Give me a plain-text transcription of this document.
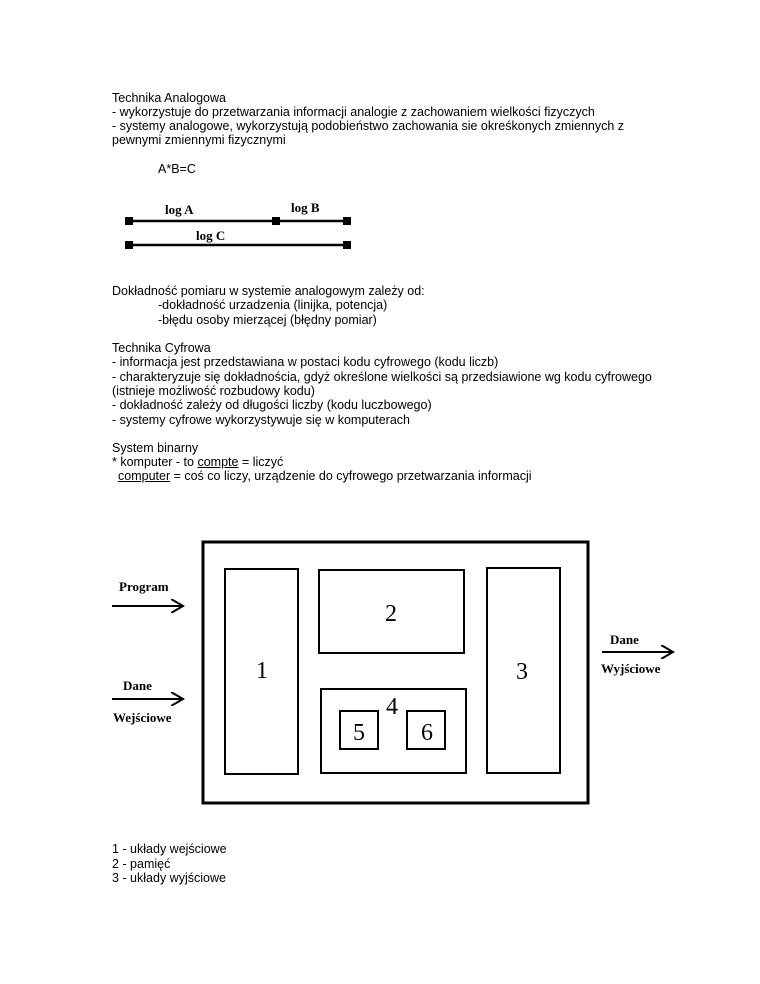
Technika Analogowa
- wykorzystuje do przetwarzania informacji analogie z zachowaniem wielkości fizyczych
- systemy analogowe, wykorzystują podobieństwo zachowania sie okreśkonych zmiennych z
pewnymi zmiennymi fizycznymi
A*B=C
log A	log B
log C
Dokładność pomiaru w systemie analogowym zależy od:
-dokładność urzadzenia (linijka, potencja)
-błędu osoby mierzącej (błędny pomiar)
Technika Cyfrowa
- informacja jest przedstawiana w postaci kodu cyfrowego (kodu liczb)
- charakteryzuje się dokładnościa, gdyż określone wielkości są przedsiawione wg kodu cyfrowego
(istnieje możliwość rozbudowy kodu)
- dokładność zależy od długości liczby (kodu luczbowego)
- systemy cyfrowe wykorzystywuje się w komputerach
System binarny
* komputer - to compte = liczyć
computer = coś co liczy, urządzenie do cyfrowego przetwarzania informacji
1
2
3
4
5 6
Program
Dane
Wejściowe
Dane
Wyjściowe
1 - układy wejściowe
2 - pamięć
3 - układy wyjściowe
